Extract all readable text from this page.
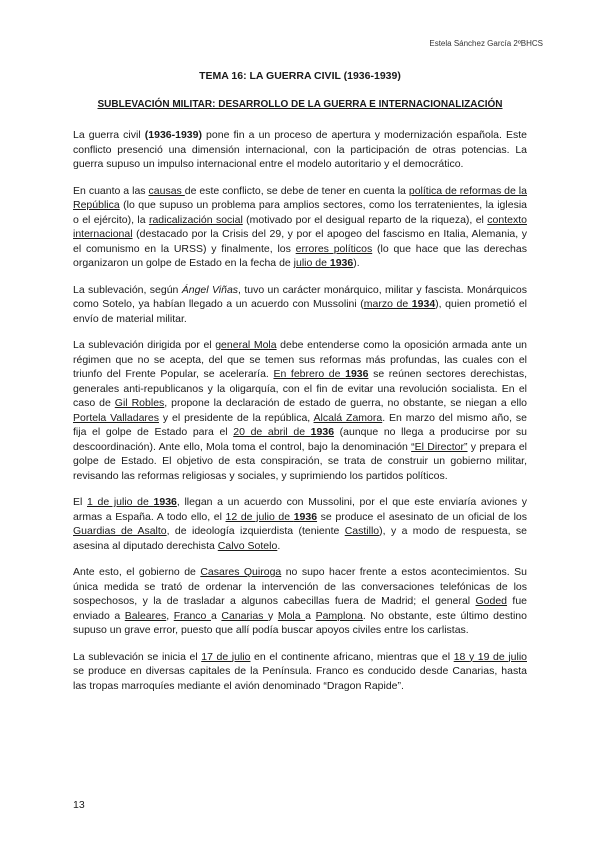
Estela Sánchez García 2ºBHCS
TEMA 16: LA GUERRA CIVIL (1936-1939)
SUBLEVACIÓN MILITAR: DESARROLLO DE LA GUERRA E INTERNACIONALIZACIÓN

La guerra civil (1936-1939) pone fin a un proceso de apertura y modernización española. Este conflicto presenció una dimensión internacional, con la participación de otras potencias. La guerra supuso un impulso internacional entre el modelo autoritario y el democrático.

En cuanto a las causas de este conflicto, se debe de tener en cuenta la política de reformas de la República (lo que supuso un problema para amplios sectores, como los terratenientes, la iglesia o el ejército), la radicalización social (motivado por el desigual reparto de la riqueza), el contexto internacional (destacado por la Crisis del 29, y por el apogeo del fascismo en Italia, Alemania, y el comunismo en la URSS) y finalmente, los errores políticos (lo que hace que las derechas organizaron un golpe de Estado en la fecha de julio de 1936).

La sublevación, según Ángel Viñas, tuvo un carácter monárquico, militar y fascista. Monárquicos como Sotelo, ya habían llegado a un acuerdo con Mussolini (marzo de 1934), quien prometió el envío de material militar.

La sublevación dirigida por el general Mola debe entenderse como la oposición armada ante un régimen que no se acepta, del que se temen sus reformas más profundas, las cuales con el triunfo del Frente Popular, se aceleraría. En febrero de 1936 se reúnen sectores derechistas, generales anti-republicanos y la oligarquía, con el fin de evitar una revolución socialista. En el caso de Gil Robles, propone la declaración de estado de guerra, no obstante, se niegan a ello Portela Valladares y el presidente de la república, Alcalá Zamora. En marzo del mismo año, se fija el golpe de Estado para el 20 de abril de 1936 (aunque no llega a producirse por su descoordinación). Ante ello, Mola toma el control, bajo la denominación “El Director” y prepara el golpe de Estado. El objetivo de esta conspiración, se trata de construir un gobierno militar, revisando las reformas religiosas y sociales, y suprimiendo los partidos políticos.

El 1 de julio de 1936, llegan a un acuerdo con Mussolini, por el que este enviaría aviones y armas a España. A todo ello, el 12 de julio de 1936 se produce el asesinato de un oficial de los Guardias de Asalto, de ideología izquierdista (teniente Castillo), y a modo de respuesta, se asesina al diputado derechista Calvo Sotelo.

Ante esto, el gobierno de Casares Quiroga no supo hacer frente a estos acontecimientos. Su única medida se trató de ordenar la intervención de las conversaciones telefónicas de los sospechosos, y la de trasladar a algunos cabecillas fuera de Madrid; el general Goded fue enviado a Baleares, Franco a Canarias y Mola a Pamplona. No obstante, este último destino supuso un grave error, puesto que allí podía buscar apoyos civiles entre los carlistas.

La sublevación se inicia el 17 de julio en el continente africano, mientras que el 18 y 19 de julio se produce en diversas capitales de la Península. Franco es conducido desde Canarias, hasta las tropas marroquíes mediante el avión denominado “Dragon Rapide”.

13
